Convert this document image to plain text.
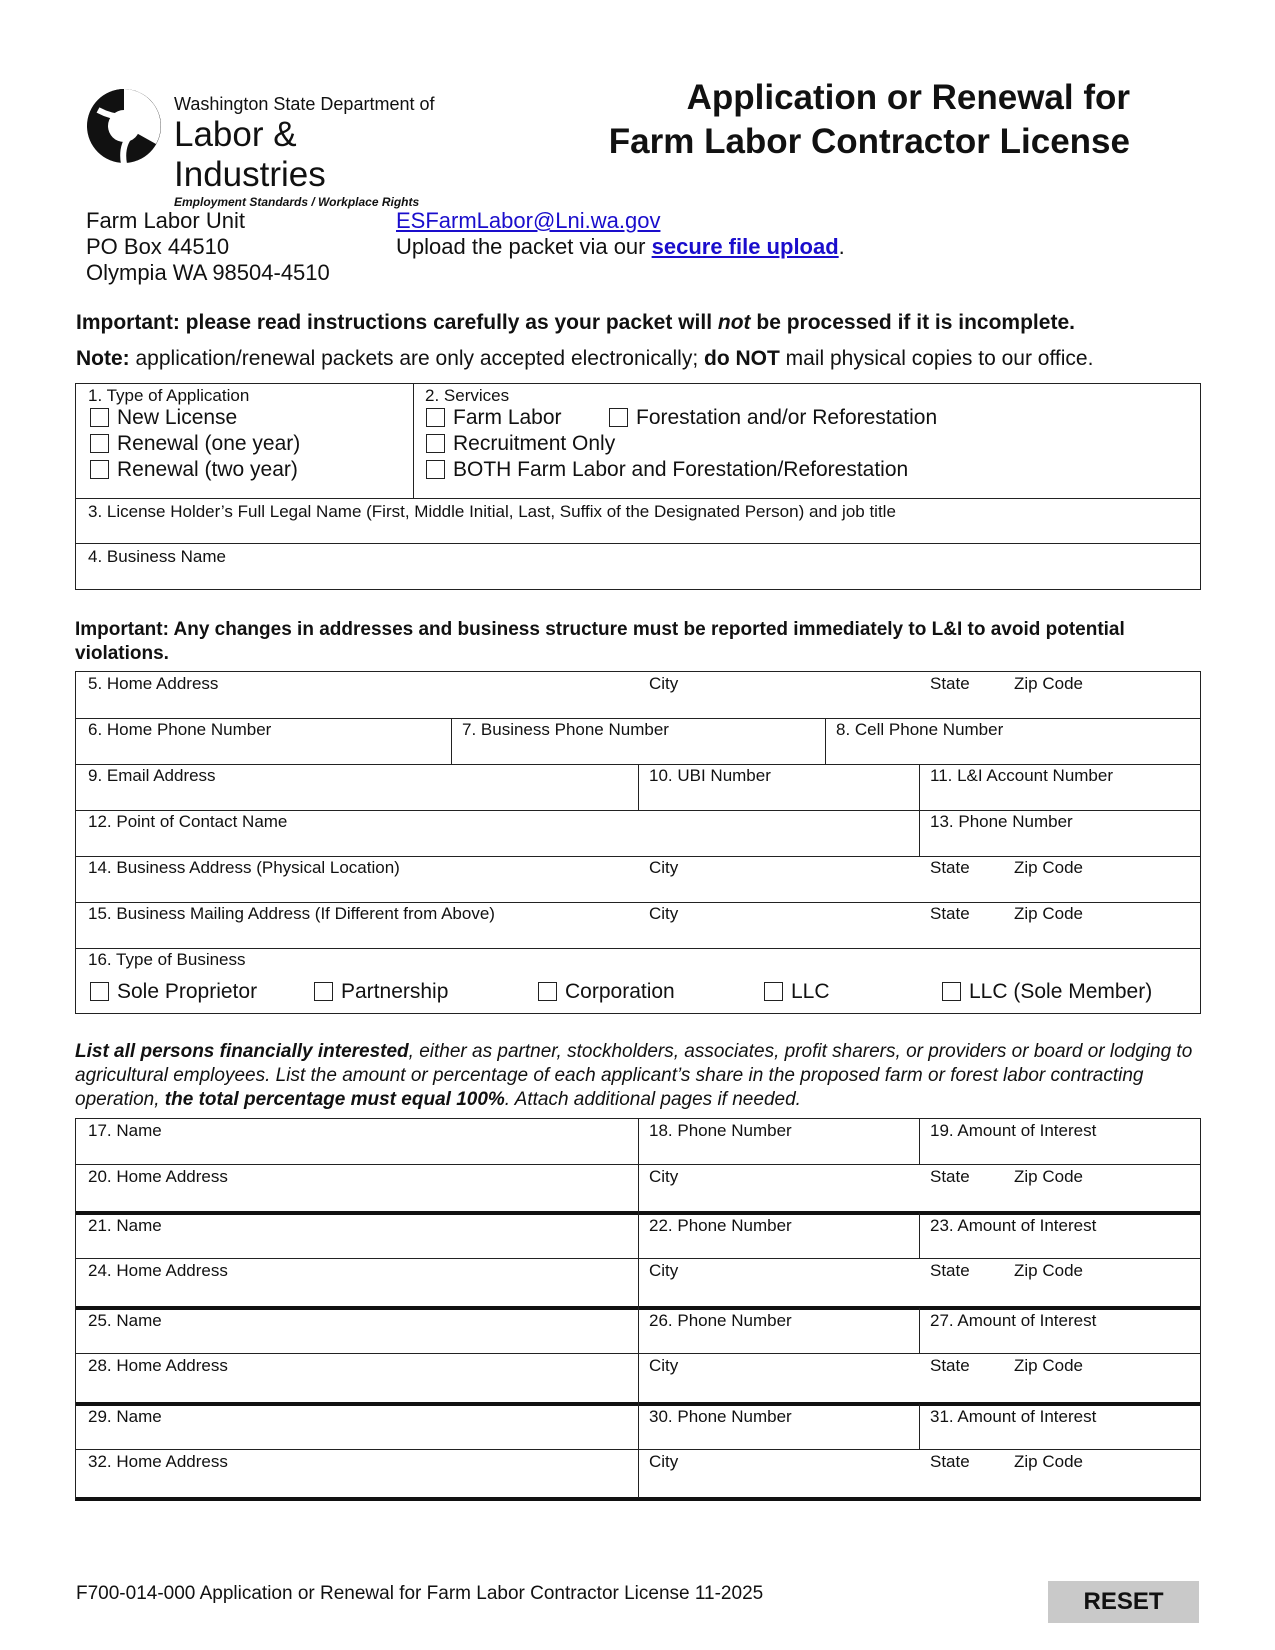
Washington State Department of
Labor & Industries
Employment Standards / Workplace Rights
Application or Renewal for
Farm Labor Contractor License
Farm Labor Unit
PO Box 44510
Olympia WA 98504-4510
ESFarmLabor@Lni.wa.gov
Upload the packet via our secure file upload.
Important: please read instructions carefully as your packet will not be processed if it is incomplete.
Note: application/renewal packets are only accepted electronically; do NOT mail physical copies to our office.
1. Type of Application
New License
Renewal (one year)
Renewal (two year)
2. Services
Farm Labor	Forestation and/or Reforestation
Recruitment Only
BOTH Farm Labor and Forestation/Reforestation
3. License Holder’s Full Legal Name (First, Middle Initial, Last, Suffix of the Designated Person) and job title
4. Business Name
Important: Any changes in addresses and business structure must be reported immediately to L&I to avoid potential violations.
5. Home Address	City	State	Zip Code
6. Home Phone Number	7. Business Phone Number	8. Cell Phone Number
9. Email Address	10. UBI Number	11. L&I Account Number
12. Point of Contact Name	13. Phone Number
14. Business Address (Physical Location)	City	State	Zip Code
15. Business Mailing Address (If Different from Above)	City	State	Zip Code
16. Type of Business
Sole Proprietor	Partnership	Corporation	LLC	LLC (Sole Member)
List all persons financially interested, either as partner, stockholders, associates, profit sharers, or providers or board or lodging to agricultural employees. List the amount or percentage of each applicant’s share in the proposed farm or forest labor contracting operation, the total percentage must equal 100%. Attach additional pages if needed.
17. Name	18. Phone Number	19. Amount of Interest
20. Home Address	City	State	Zip Code
21. Name	22. Phone Number	23. Amount of Interest
24. Home Address	City	State	Zip Code
25. Name	26. Phone Number	27. Amount of Interest
28. Home Address	City	State	Zip Code
29. Name	30. Phone Number	31. Amount of Interest
32. Home Address	City	State	Zip Code
F700-014-000 Application or Renewal for Farm Labor Contractor License 11-2025	RESET
